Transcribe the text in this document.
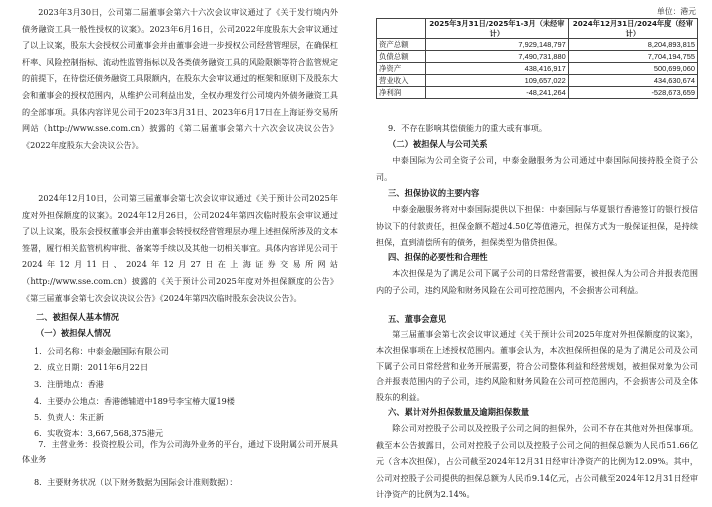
2023年3月30日，公司第二届董事会第六十六次会议审议通过了《关于发行境内外债务融资工具一般性授权的议案》。2023年6月16日，公司2022年度股东大会审议通过了以上议案，股东大会授权公司董事会并由董事会进一步授权公司经营管理层，在确保杠杆率、风险控制指标、流动性监管指标以及各类债务融资工具的风险限额等符合监管规定的前提下，在待偿还债务融资工具限额内，在股东大会审议通过的框架和原则下及股东大会和董事会的授权范围内，从维护公司利益出发，全权办理发行公司境内外债务融资工具的全部事项。具体内容详见公司于2023年3月31日、2023年6月17日在上海证券交易所网站（http://www.sse.com.cn）披露的《第二届董事会第六十六次会议决议公告》《2022年度股东大会决议公告》。
2024年12月10日，公司第三届董事会第七次会议审议通过《关于预计公司2025年度对外担保额度的议案》。2024年12月26日，公司2024年第四次临时股东会审议通过了以上议案，股东会授权董事会并由董事会转授权经营管理层办理上述担保所涉及的文本签署，履行相关监管机构审批、备案等手续以及其他一切相关事宜。具体内容详见公司于2024年12月11日、2024年12月27日在上海证券交易所网站（http://www.sse.com.cn）披露的《关于预计公司2025年度对外担保额度的公告》《第三届董事会第七次会议决议公告》《2024年第四次临时股东会决议公告》。
二、被担保人基本情况
（一）被担保人情况
1．公司名称：中泰金融国际有限公司
2．成立日期：2011年6月22日
3．注册地点：香港
4．主要办公地点：香港德辅道中189号李宝椿大厦19楼
5．负责人：朱正新
6．实收资本：3,667,568,375港元
7．主营业务：投资控股公司，作为公司海外业务的平台，通过下设附属公司开展具体业务
8．主要财务状况（以下财务数据为国际会计准则数据）：
单位：港元
	2025年3月31日/2025年1-3月（未经审计）	2024年12月31日/2024年度（经审计）
资产总额	7,929,148,797	8,204,893,815
负债总额	7,490,731,880	7,704,194,755
净资产	438,416,917	500,699,060
营业收入	109,657,022	434,630,674
净利润	-48,241,264	-528,673,659
9．不存在影响其偿债能力的重大或有事项。
（二）被担保人与公司关系
中泰国际为公司全资子公司，中泰金融服务为公司通过中泰国际间接持股全资子公司。
三、担保协议的主要内容
中泰金融服务将对中泰国际提供以下担保：中泰国际与华夏银行香港签订的银行授信协议下的付款责任，担保金额不超过4.50亿等值港元，担保方式为一般保证担保，是持续担保，直到清偿所有的债务，担保类型为借贷担保。
四、担保的必要性和合理性
本次担保是为了满足公司下属子公司的日常经营需要，被担保人为公司合并报表范围内的子公司，违约风险和财务风险在公司可控范围内，不会损害公司利益。
五、董事会意见
第三届董事会第七次会议审议通过《关于预计公司2025年度对外担保额度的议案》，本次担保事项在上述授权范围内。董事会认为，本次担保所担保的是为了满足公司及公司下属子公司日常经营和业务开展需要，符合公司整体利益和经营规划，被担保对象为公司合并报表范围内的子公司，违约风险和财务风险在公司可控范围内，不会损害公司及全体股东的利益。
六、累计对外担保数量及逾期担保数量
除公司对控股子公司以及控股子公司之间的担保外，公司不存在其他对外担保事项。截至本公告披露日，公司对控股子公司以及控股子公司之间的担保总额为人民币51.66亿元（含本次担保），占公司截至2024年12月31日经审计净资产的比例为12.09%。其中，公司对控股子公司提供的担保总额为人民币9.14亿元，占公司截至2024年12月31日经审计净资产的比例为2.14%。
